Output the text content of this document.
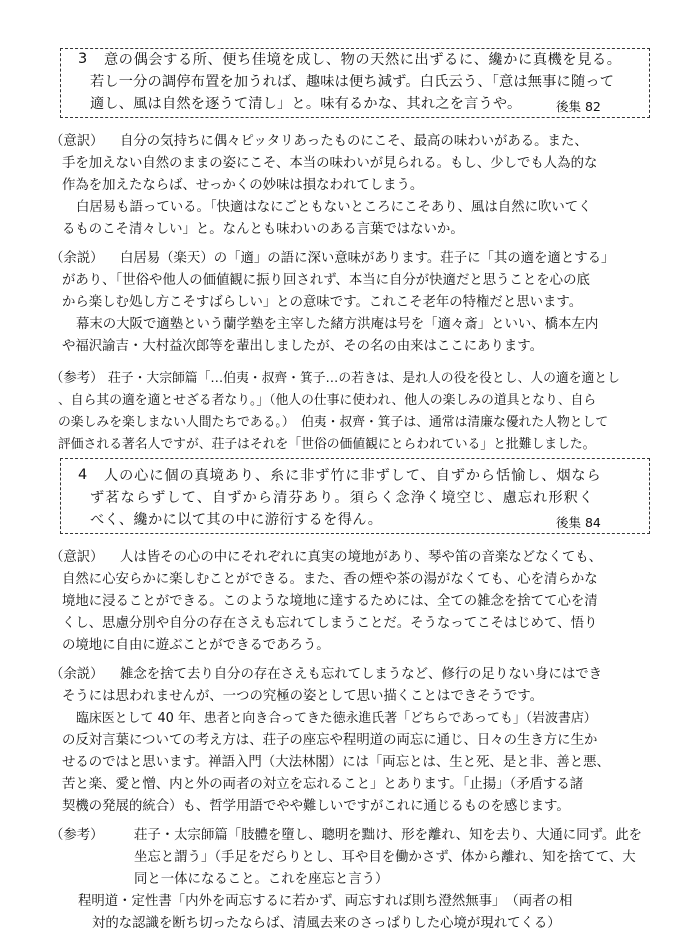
3 意の偶会する所、便ち佳境を成し、物の天然に出ずるに、纔かに真機を見る。
若し一分の調停布置を加うれば、趣味は便ち減ず。白氏云う、「意は無事に随って
適し、風は自然を逐うて清し」と。味有るかな、其れ之を言うや。	後集 82
（意訳） 自分の気持ちに偶々ピッタリあったものにこそ、最高の味わいがある。また、
手を加えない自然のままの姿にこそ、本当の味わいが見られる。もし、少しでも人為的な
作為を加えたならば、せっかくの妙味は損なわれてしまう。
白居易も語っている。「快適はなにごともないところにこそあり、風は自然に吹いてく
るものこそ清々しい」と。なんとも味わいのある言葉ではないか。
（余説） 白居易（楽天）の「適」の語に深い意味があります。荘子に「其の適を適とする」
があり、「世俗や他人の価値観に振り回されず、本当に自分が快適だと思うことを心の底
から楽しむ処し方こそすばらしい」との意味です。これこそ老年の特権だと思います。
幕末の大阪で適塾という蘭学塾を主宰した緒方洪庵は号を「適々斎」といい、橋本左内
や福沢諭吉・大村益次郎等を輩出しましたが、その名の由来はここにあります。
（参考） 荘子・大宗師篇「…伯夷・叔齊・箕子…の若きは、是れ人の役を役とし、人の適を適とし
、自ら其の適を適とせざる者なり。」（他人の仕事に使われ、他人の楽しみの道具となり、自ら
の楽しみを楽しまない人間たちである。）　伯夷・叔齊・箕子は、通常は清廉な優れた人物として
評価される著名人ですが、荘子はそれを「世俗の価値観にとらわれている」と批難しました。
4 人の心に個の真境あり、糸に非ず竹に非ずして、自ずから恬愉し、烟なら
ず茗ならずして、自ずから清芬あり。須らく念浄く境空じ、慮忘れ形釈く
べく、纔かに以て其の中に游衍するを得ん。	後集 84
（意訳） 人は皆その心の中にそれぞれに真実の境地があり、琴や笛の音楽などなくても、
自然に心安らかに楽しむことができる。また、香の煙や茶の湯がなくても、心を清らかな
境地に浸ることができる。このような境地に達するためには、全ての雑念を捨てて心を清
くし、思慮分別や自分の存在さえも忘れてしまうことだ。そうなってこそはじめて、悟り
の境地に自由に遊ぶことができるであろう。
（余説） 雑念を捨て去り自分の存在さえも忘れてしまうなど、修行の足りない身にはでき
そうには思われませんが、一つの究極の姿として思い描くことはできそうです。
臨床医として 40 年、患者と向き合ってきた徳永進氏著「どちらであっても」（岩波書店）
の反対言葉についての考え方は、荘子の座忘や程明道の両忘に通じ、日々の生き方に生か
せるのではと思います。禅語入門（大法林閣）には「両忘とは、生と死、是と非、善と悪、
苦と楽、愛と憎、内と外の両者の対立を忘れること」とあります。「止揚」（矛盾する諸
契機の発展的統合）も、哲学用語でやや難しいですがこれに通じるものを感じます。
（参考） 荘子・太宗師篇「肢體を墮し、聰明を黜け、形を離れ、知を去り、大通に同ず。此を
坐忘と謂う」（手足をだらりとし、耳や目を働かさず、体から離れ、知を捨てて、大
同と一体になること。これを座忘と言う）
程明道・定性書「内外を両忘するに若かず、両忘すれば則ち澄然無事」　（両者の相
対的な認識を断ち切ったならば、清風去来のさっぱりした心境が現れてくる）
